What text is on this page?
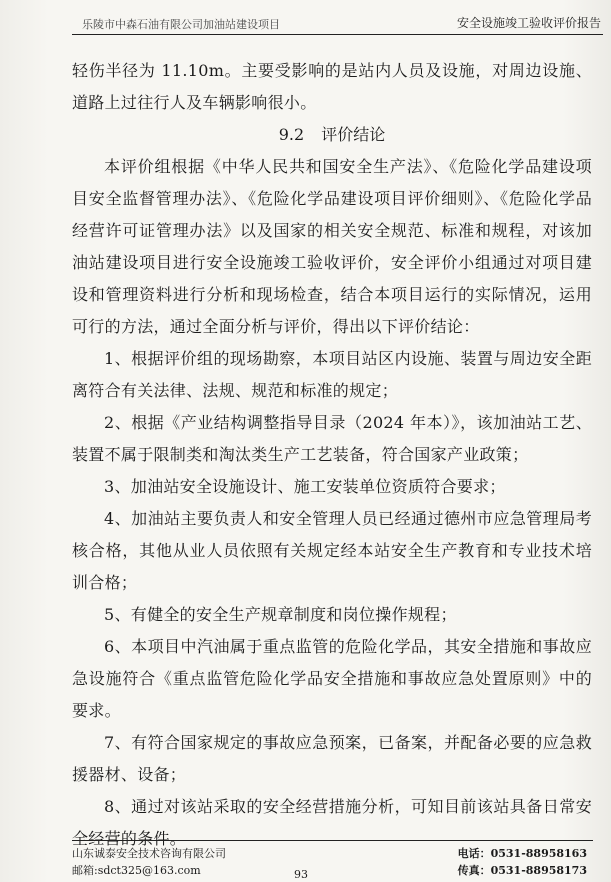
乐陵市中森石油有限公司加油站建设项目	安全设施竣工验收评价报告

轻伤半径为 11.10m。主要受影响的是站内人员及设施，对周边设施、道路上过往行人及车辆影响很小。

9.2 评价结论

本评价组根据《中华人民共和国安全生产法》、《危险化学品建设项目安全监督管理办法》、《危险化学品建设项目评价细则》、《危险化学品经营许可证管理办法》以及国家的相关安全规范、标准和规程，对该加油站建设项目进行安全设施竣工验收评价，安全评价小组通过对项目建设和管理资料进行分析和现场检查，结合本项目运行的实际情况，运用可行的方法，通过全面分析与评价，得出以下评价结论：

1、根据评价组的现场勘察，本项目站区内设施、装置与周边安全距离符合有关法律、法规、规范和标准的规定；

2、根据《产业结构调整指导目录（2024 年本）》，该加油站工艺、装置不属于限制类和淘汰类生产工艺装备，符合国家产业政策；

3、加油站安全设施设计、施工安装单位资质符合要求；

4、加油站主要负责人和安全管理人员已经通过德州市应急管理局考核合格，其他从业人员依照有关规定经本站安全生产教育和专业技术培训合格；

5、有健全的安全生产规章制度和岗位操作规程；

6、本项目中汽油属于重点监管的危险化学品，其安全措施和事故应急设施符合《重点监管危险化学品安全措施和事故应急处置原则》中的要求。

7、有符合国家规定的事故应急预案，已备案，并配备必要的应急救援器材、设备；

8、通过对该站采取的安全经营措施分析，可知目前该站具备日常安全经营的条件。

山东诚泰安全技术咨询有限公司	电话：0531-88958163
邮箱:sdct325@163.com	93	传真：0531-88958173
